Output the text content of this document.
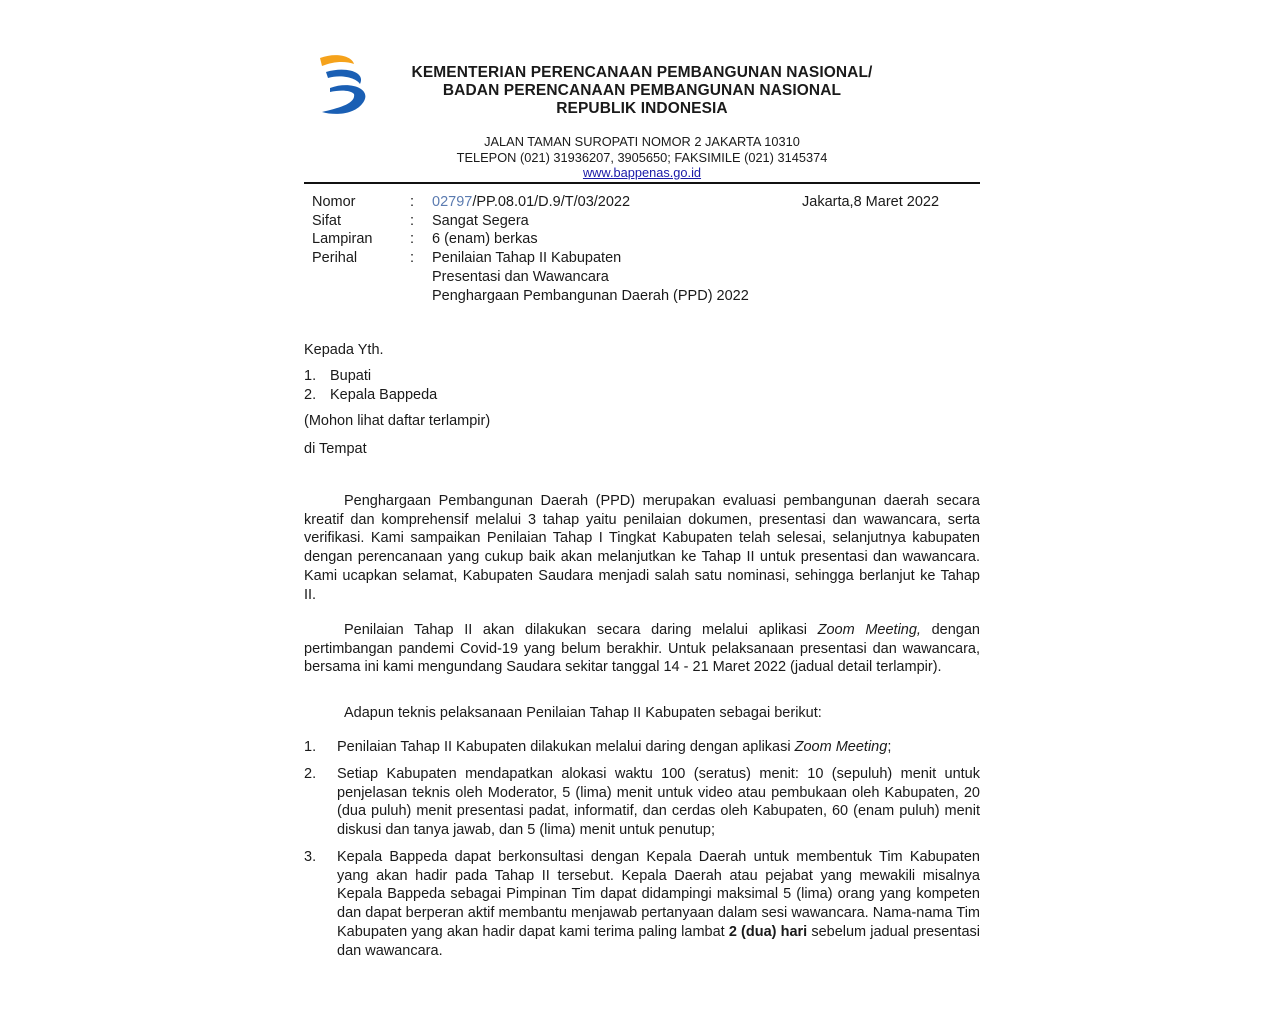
KEMENTERIAN PERENCANAAN PEMBANGUNAN NASIONAL/
BADAN PERENCANAAN PEMBANGUNAN NASIONAL
REPUBLIK INDONESIA
JALAN TAMAN SUROPATI NOMOR 2 JAKARTA 10310
TELEPON (021) 31936207, 3905650; FAKSIMILE (021) 3145374
www.bappenas.go.id
Nomor	:	02797/PP.08.01/D.9/T/03/2022
Sifat	:	Sangat Segera
Lampiran	:	6 (enam) berkas
Perihal	:	Penilaian Tahap II Kabupaten
Presentasi dan Wawancara
Penghargaan Pembangunan Daerah (PPD) 2022
Jakarta,8 Maret 2022
Kepada Yth.
1. Bupati
2. Kepala Bappeda
(Mohon lihat daftar terlampir)
di Tempat
Penghargaan Pembangunan Daerah (PPD) merupakan evaluasi pembangunan daerah secara kreatif dan komprehensif melalui 3 tahap yaitu penilaian dokumen, presentasi dan wawancara, serta verifikasi. Kami sampaikan Penilaian Tahap I Tingkat Kabupaten telah selesai, selanjutnya kabupaten dengan perencanaan yang cukup baik akan melanjutkan ke Tahap II untuk presentasi dan wawancara. Kami ucapkan selamat, Kabupaten Saudara menjadi salah satu nominasi, sehingga berlanjut ke Tahap II.
Penilaian Tahap II akan dilakukan secara daring melalui aplikasi Zoom Meeting, dengan pertimbangan pandemi Covid-19 yang belum berakhir. Untuk pelaksanaan presentasi dan wawancara, bersama ini kami mengundang Saudara sekitar tanggal 14 - 21 Maret 2022 (jadual detail terlampir).
Adapun teknis pelaksanaan Penilaian Tahap II Kabupaten sebagai berikut:
1. Penilaian Tahap II Kabupaten dilakukan melalui daring dengan aplikasi Zoom Meeting;
2. Setiap Kabupaten mendapatkan alokasi waktu 100 (seratus) menit: 10 (sepuluh) menit untuk penjelasan teknis oleh Moderator, 5 (lima) menit untuk video atau pembukaan oleh Kabupaten, 20 (dua puluh) menit presentasi padat, informatif, dan cerdas oleh Kabupaten, 60 (enam puluh) menit diskusi dan tanya jawab, dan 5 (lima) menit untuk penutup;
3. Kepala Bappeda dapat berkonsultasi dengan Kepala Daerah untuk membentuk Tim Kabupaten yang akan hadir pada Tahap II tersebut. Kepala Daerah atau pejabat yang mewakili misalnya Kepala Bappeda sebagai Pimpinan Tim dapat didampingi maksimal 5 (lima) orang yang kompeten dan dapat berperan aktif membantu menjawab pertanyaan dalam sesi wawancara. Nama-nama Tim Kabupaten yang akan hadir dapat kami terima paling lambat 2 (dua) hari sebelum jadual presentasi dan wawancara.
